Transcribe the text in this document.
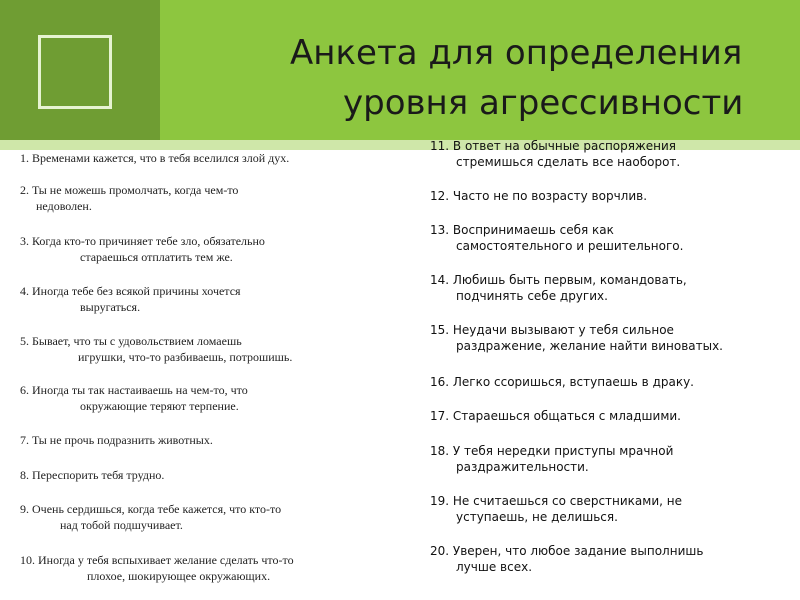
Анкета для определения
уровня агрессивности
1. Временами кажется, что в тебя вселился злой дух.
2. Ты не можешь промолчать, когда чем-то
недоволен.
3. Когда кто-то причиняет тебе зло, обязательно
стараешься отплатить тем же.
4. Иногда тебе без всякой причины хочется
выругаться.
5. Бывает, что ты с удовольствием ломаешь
игрушки, что-то разбиваешь, потрошишь.
6. Иногда ты так настаиваешь на чем-то, что
окружающие теряют терпение.
7. Ты не прочь подразнить животных.
8. Переспорить тебя трудно.
9. Очень сердишься, когда тебе кажется, что кто-то
над тобой подшучивает.
10. Иногда у тебя вспыхивает желание сделать что-то
плохое, шокирующее окружающих.
11. В ответ на обычные распоряжения
стремишься сделать все наоборот.
12. Часто не по возрасту ворчлив.
13. Воспринимаешь себя как
самостоятельного и решительного.
14. Любишь быть первым, командовать,
подчинять себе других.
15. Неудачи вызывают у тебя сильное
раздражение, желание найти виноватых.
16. Легко ссоришься, вступаешь в драку.
17. Стараешься общаться с младшими.
18. У тебя нередки приступы мрачной
раздражительности.
19. Не считаешься со сверстниками, не
уступаешь, не делишься.
20. Уверен, что любое задание выполнишь
лучше всех.
